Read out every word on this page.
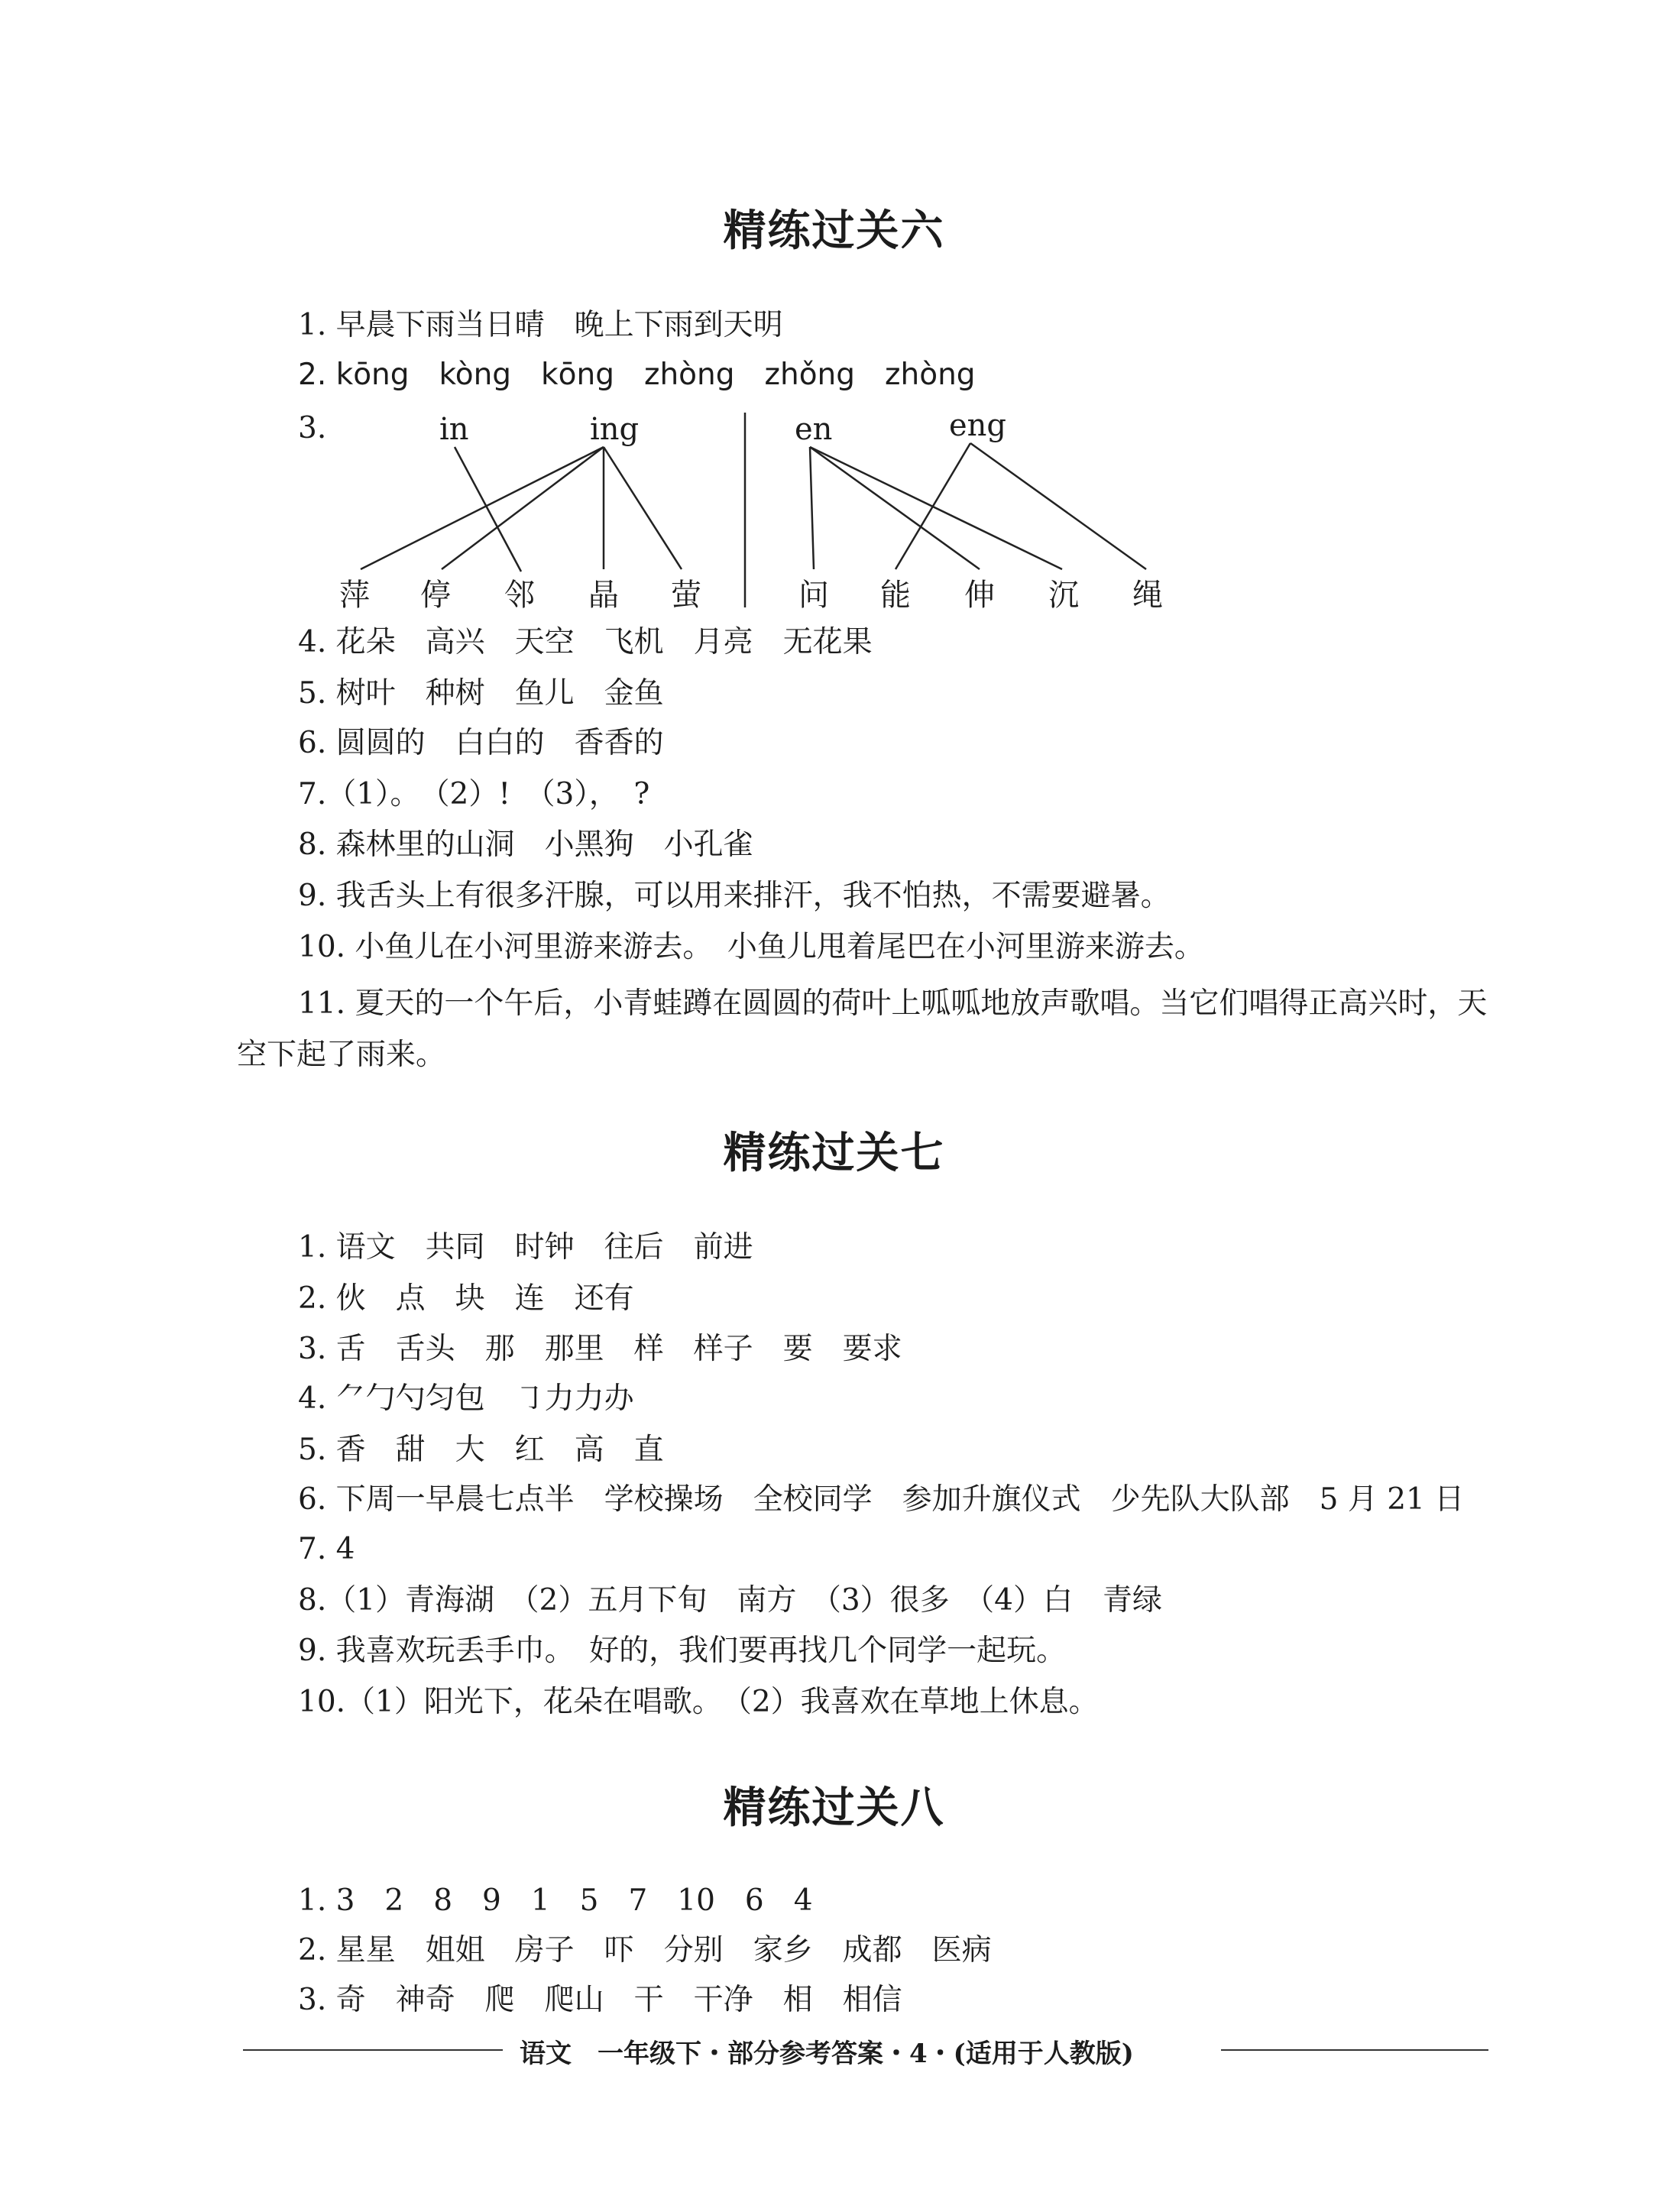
精练过关六
1. 早晨下雨当日晴　晚上下雨到天明
2. kōng　kòng　kōng　zhòng　zhǒng　zhòng
3.	in	ing	en	eng
萍 停 邻 晶 萤	问 能 伸 沉 绳
4. 花朵　高兴　天空　飞机　月亮　无花果
5. 树叶　种树　鱼儿　金鱼
6. 圆圆的　白白的　香香的
7.（1）。　（2）!　（3），　?
8. 森林里的山洞　小黑狗　小孔雀
9. 我舌头上有很多汗腺，可以用来排汗，我不怕热，不需要避暑。
10. 小鱼儿在小河里游来游去。　小鱼儿甩着尾巴在小河里游来游去。
11. 夏天的一个午后，小青蛙蹲在圆圆的荷叶上呱呱地放声歌唱。当它们唱得正高兴时，天空下起了雨来。
精练过关七
1. 语文　共同　时钟　往后　前进
2. 伙　点　块　连　还有
3. 舌　舌头　那　那里　样　样子　要　要求
4. ⺈勹勺匀包　㇆力力办
5. 香　甜　大　红　高　直
6. 下周一早晨七点半　学校操场　全校同学　参加升旗仪式　少先队大队部　5 月 21 日
7. 4
8.（1）青海湖　（2）五月下旬　南方　（3）很多　（4）白　青绿
9. 我喜欢玩丢手巾。　好的，我们要再找几个同学一起玩。
10.（1）阳光下，花朵在唱歌。　（2）我喜欢在草地上休息。
精练过关八
1. 3　2　8　9　1　5　7　10　6　4
2. 星星　姐姐　房子　吓　分别　家乡　成都　医病
3. 奇　神奇　爬　爬山　干　干净　相　相信
语文　一年级下・部分参考答案・4・(适用于人教版)
